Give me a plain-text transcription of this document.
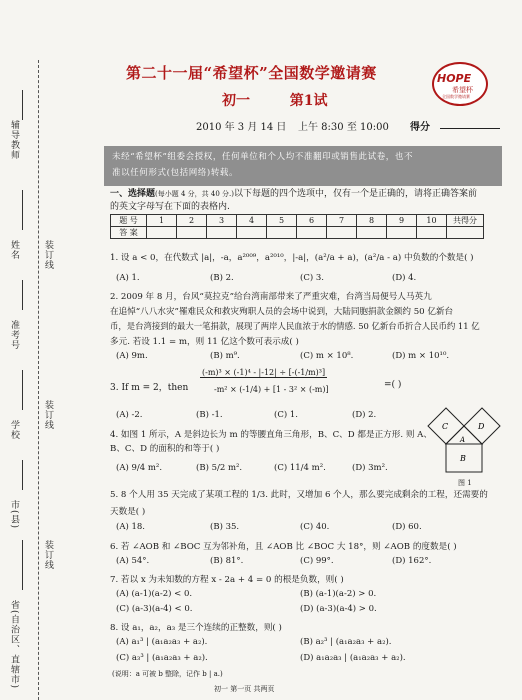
辅导教师
姓名	装订线
准考号
学校	装订线
市(县)
省(自治区、直辖市)
装订线
第二十一届“希望杯”全国数学邀请赛
初一	第1试
HOPE
希望杯
全国数学邀请赛
2010 年 3 月 14 日 上午 8:30 至 10:00 得分
未经“希望杯”组委会授权，任何单位和个人均不准翻印或销售此试卷，也不
准以任何形式(包括网络)转载。
一、选择题(每小题 4 分，共 40 分.)以下每题的四个选项中，仅有一个是正确的，请将正确答案前
的英文字母写在下面的表格内.
题 号	1	2	3	4	5	6	7	8	9	10	共得分
答 案											
1. 设 a < 0，在代数式 |a|，-a，a²⁰⁰⁹，a²⁰¹⁰，|-a|，(a²/a + a)，(a²/a - a) 中负数的个数是( )
(A) 1.	(B) 2.	(C) 3.	(D) 4.
2. 2009 年 8 月，台风“莫拉克”给台湾南部带来了严重灾难，台湾当局便号人马英九
在追悼“八八水灾”罹难民众和救灾殉职人员的会场中说到，大陆同胞捐款金额约 50 亿新台
币，是台湾接到的最大一笔捐款，展现了两岸人民血浓于水的情感. 50 亿新台币折合人民币约 11 亿
多元. 若设 1.1 = m，则 11 亿这个数可表示成( )
(A) 9m.	(B) m⁹.	(C) m × 10⁸.	(D) m × 10¹⁰.
3. If m = 2，then
(-m)³ × (-1)⁴ - |-12| ÷ [-(-1/m)³]
-m² × (-1/4) + [1 - 3² × (-m)]	=( )
(A) -2.	(B) -1.	(C) 1.	(D) 2.
4. 如图 1 所示，A 是斜边长为 m 的等腰直角三角形，B、C、D 都是正方形. 则 A、
B、C、D 的面积的和等于( )
(A) 9/4 m².	(B) 5/2 m².	(C) 11/4 m².	(D) 3m².
C	D
A
B
图 1
5. 8 个人用 35 天完成了某项工程的 1/3. 此时，又增加 6 个人，那么要完成剩余的工程，还需要的
天数是( )
(A) 18.	(B) 35.	(C) 40.	(D) 60.
6. 若 ∠AOB 和 ∠BOC 互为邻补角，且 ∠AOB 比 ∠BOC 大 18°，则 ∠AOB 的度数是( )
(A) 54°.	(B) 81°.	(C) 99°.	(D) 162°.
7. 若以 x 为未知数的方程 x - 2a + 4 = 0 的根是负数，则( )
(A) (a-1)(a-2) < 0.	(B) (a-1)(a-2) > 0.
(C) (a-3)(a-4) < 0.	(D) (a-3)(a-4) > 0.
8. 设 a₁，a₂，a₃ 是三个连续的正整数，则( )
(A) a₁³ | (a₁a₂a₃ + a₂).	(B) a₂³ | (a₁a₂a₃ + a₂).
(C) a₃³ | (a₁a₂a₃ + a₂).	(D) a₁a₂a₃ | (a₁a₂a₃ + a₂).
(说明：a 可被 b 整除，记作 b | a.)
初一 第一页 共两页
